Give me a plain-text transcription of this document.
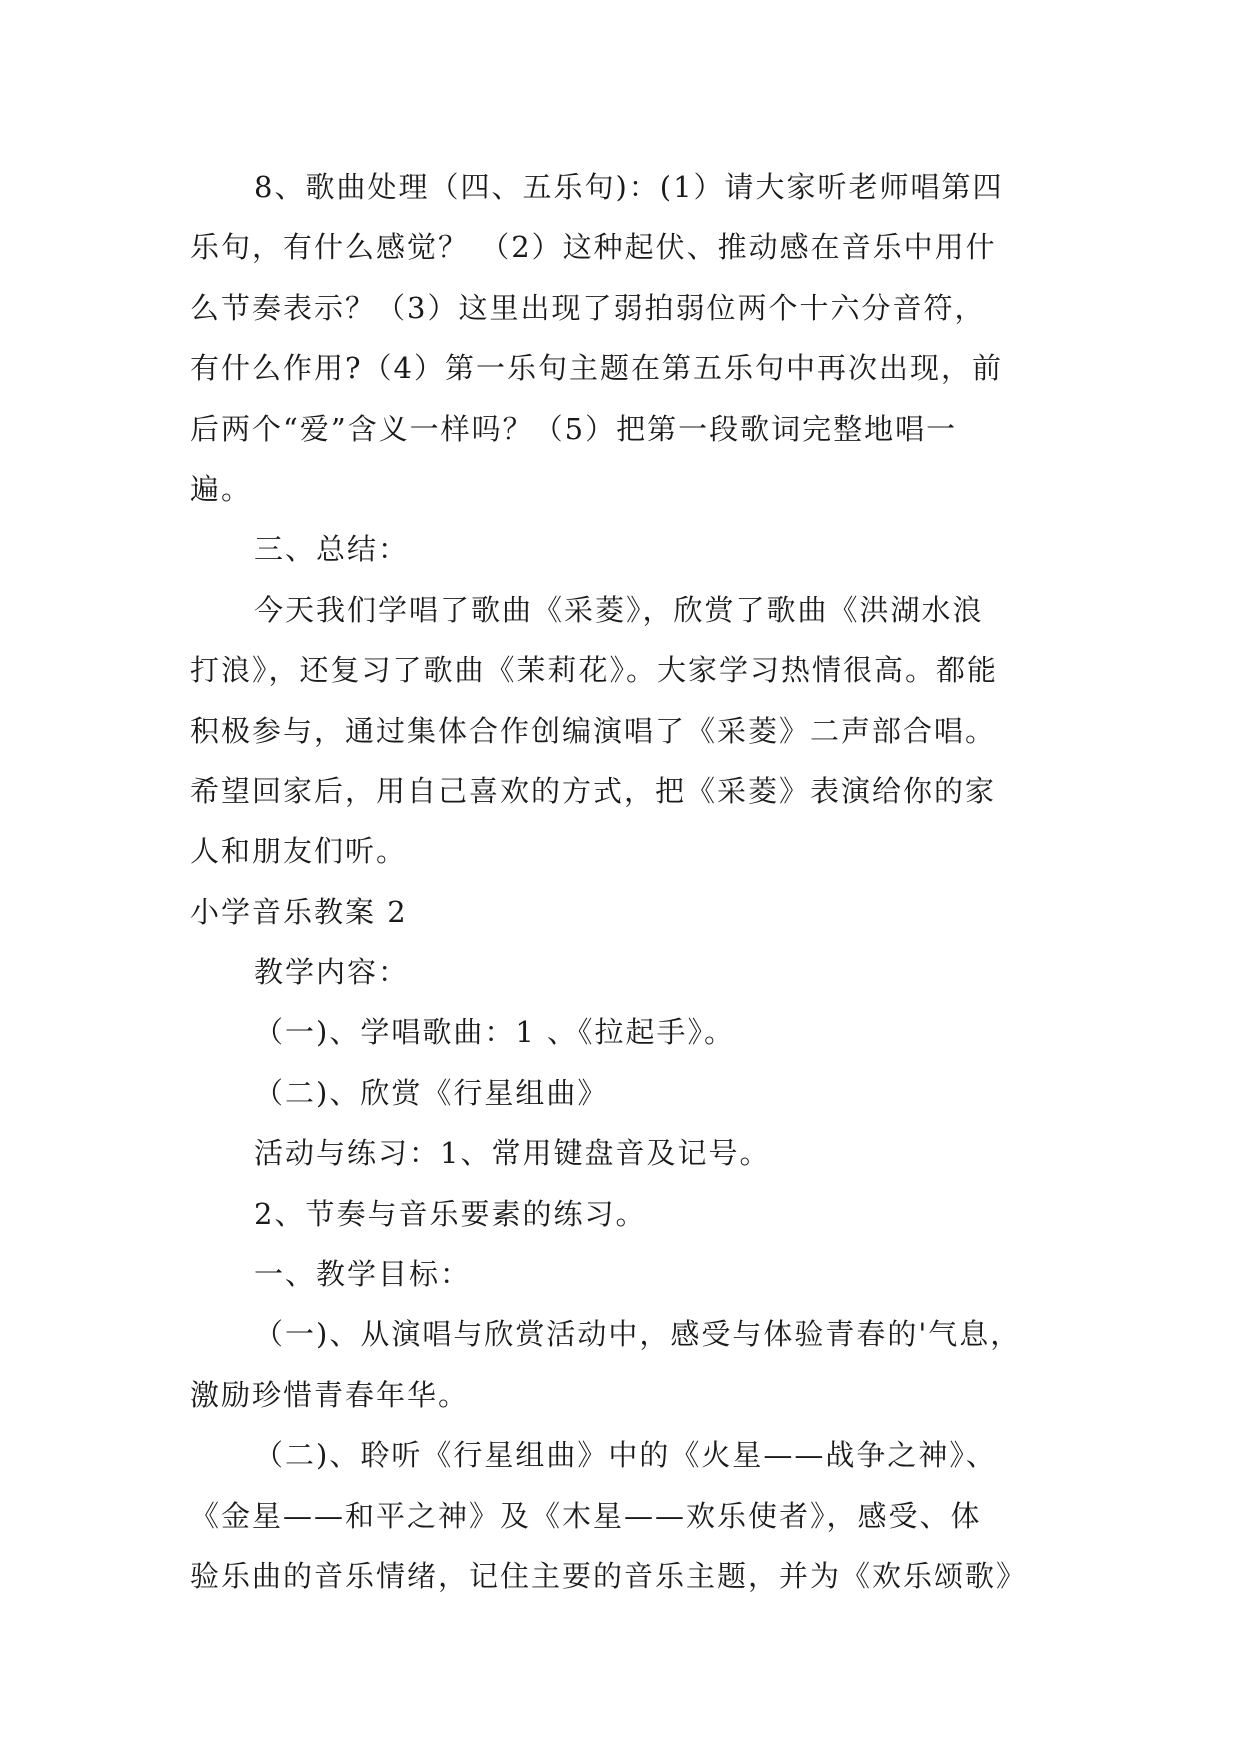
8、歌曲处理（四、五乐句)：(1）请大家听老师唱第四
乐句，有什么感觉？ （2）这种起伏、推动感在音乐中用什
么节奏表示？（3）这里出现了弱拍弱位两个十六分音符，
有什么作用?（4）第一乐句主题在第五乐句中再次出现，前
后两个“爱”含义一样吗？（5）把第一段歌词完整地唱一
遍。
三、总结：
今天我们学唱了歌曲《采菱》，欣赏了歌曲《洪湖水浪
打浪》，还复习了歌曲《茉莉花》。大家学习热情很高。都能
积极参与，通过集体合作创编演唱了《采菱》二声部合唱。
希望回家后，用自己喜欢的方式，把《采菱》表演给你的家
人和朋友们听。
小学音乐教案 2
教学内容：
（一)、学唱歌曲：1 、《拉起手》。
（二)、欣赏《行星组曲》
活动与练习：1、常用键盘音及记号。
2、节奏与音乐要素的练习。
一、教学目标：
（一)、从演唱与欣赏活动中，感受与体验青春的'气息，
激励珍惜青春年华。
（二)、聆听《行星组曲》中的《火星——战争之神》、
《金星——和平之神》及《木星——欢乐使者》，感受、体
验乐曲的音乐情绪，记住主要的音乐主题，并为《欢乐颂歌》
